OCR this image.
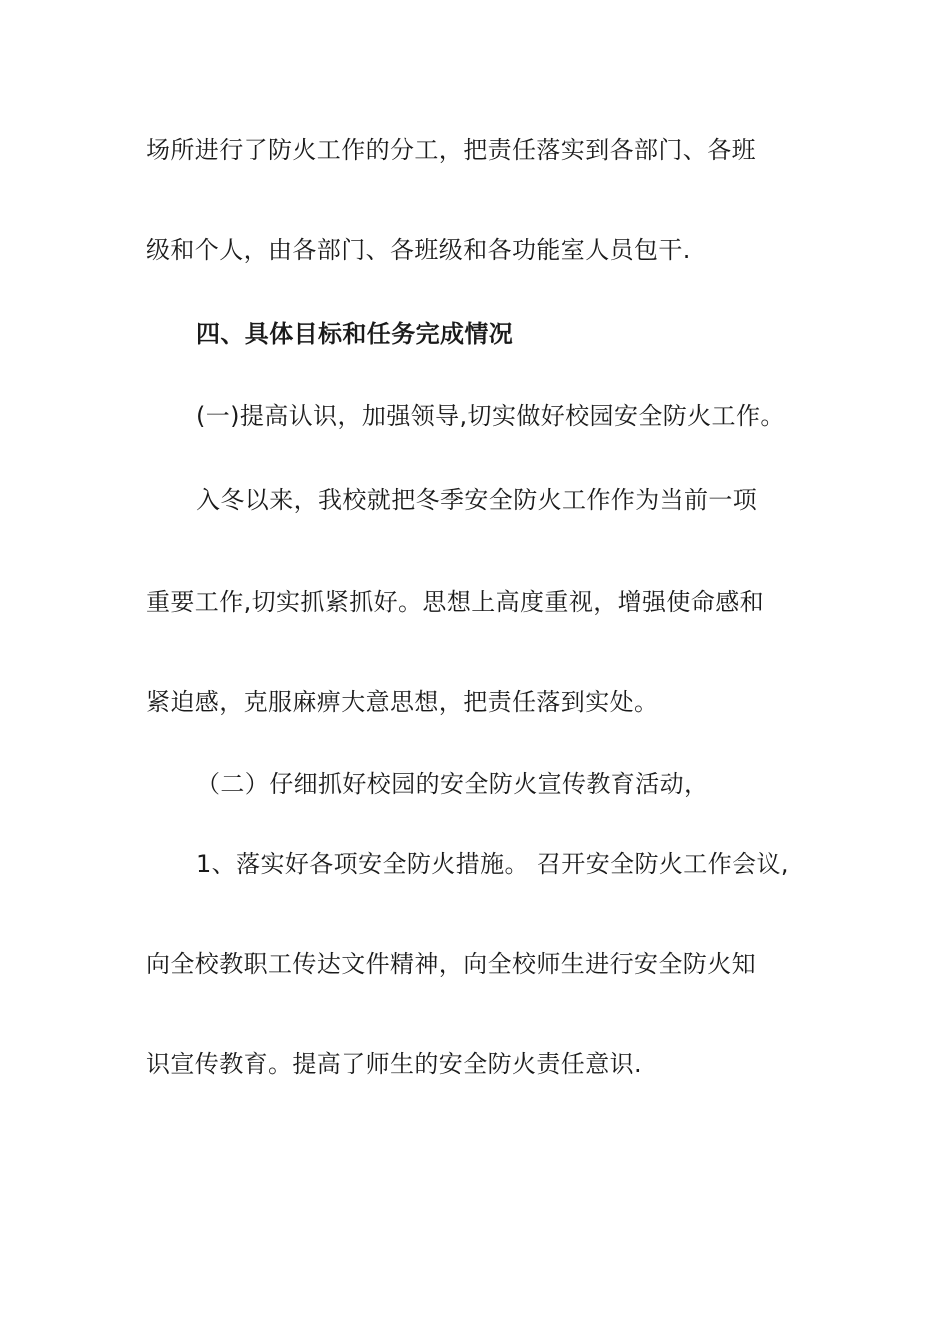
场所进行了防火工作的分工，把责任落实到各部门、各班
级和个人，由各部门、各班级和各功能室人员包干.
四、具体目标和任务完成情况
(一)提高认识，加强领导,切实做好校园安全防火工作。
入冬以来，我校就把冬季安全防火工作作为当前一项
重要工作,切实抓紧抓好。思想上高度重视，增强使命感和
紧迫感，克服麻痹大意思想，把责任落到实处。
（二）仔细抓好校园的安全防火宣传教育活动，
1、落实好各项安全防火措施。 召开安全防火工作会议,
向全校教职工传达文件精神，向全校师生进行安全防火知
识宣传教育。提高了师生的安全防火责任意识.
